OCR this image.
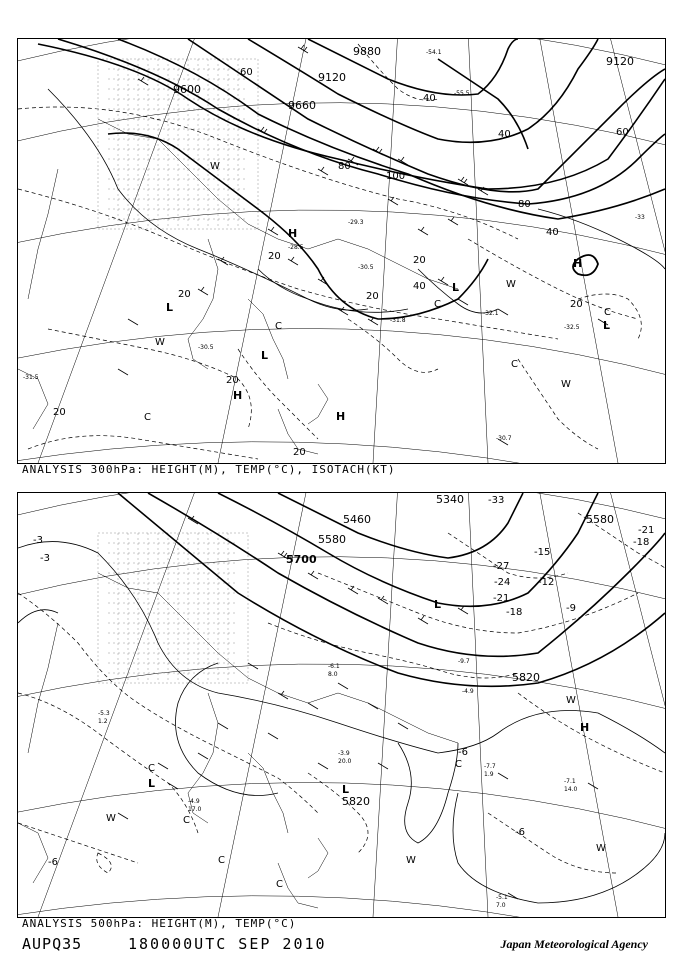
-54.1
-55.5
-33
-30.7
-32.5
-30.5
-31.5
-31.8
-29.3
-28.5
-32.1
-30.5
9600
9660
9120
9880
9120
20
20
20
20
20
20
20
20
40
40
40
40
60
60
80
80
100
H
H
H
H
L
L
L
L
W
W
W
W
C
C
C
C
C
ANALYSIS 300hPa: HEIGHT(M), TEMP(°C), ISOTACH(KT)
-7.7
-7.1
-5.1
-3.9
-4.9
-5.3
-6.1
-9.7
-4.9
1.9
14.0
7.0
20.0
17.0
1.2
8.0
5340
5580
5460
5580
5700
5820
5820
-3
-3
-6
-6
-6
-9
-12
-15
-18
-21
-24
-27
-33
-21
-18
H
L	L
L
W
W
W
W
C
C
C
C
C
ANALYSIS 500hPa: HEIGHT(M), TEMP(°C)
AUPQ35	180000UTC SEP 2010	Japan Meteorological Agency
